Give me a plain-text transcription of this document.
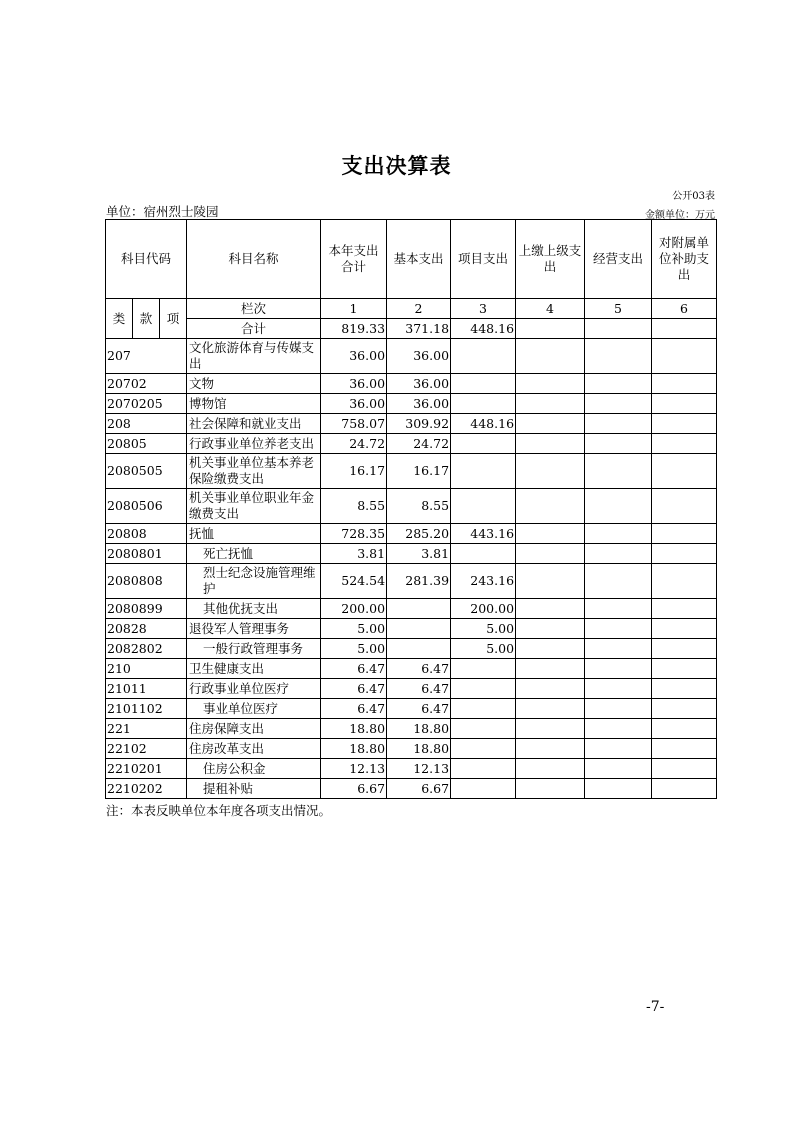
支出决算表
公开03表
单位：宿州烈士陵园	金额单位：万元
科目代码			科目名称	本年支出合计	基本支出	项目支出	上缴上级支出	经营支出	对附属单位补助支出
类	款	项	栏次	1	2	3	4	5	6
			合计	819.33	371.18	448.16			
207			文化旅游体育与传媒支出	36.00	36.00				
20702			文物	36.00	36.00				
2070205			博物馆	36.00	36.00				
208			社会保障和就业支出	758.07	309.92	448.16			
20805			行政事业单位养老支出	24.72	24.72				
2080505			机关事业单位基本养老保险缴费支出	16.17	16.17				
2080506			机关事业单位职业年金缴费支出	8.55	8.55				
20808			抚恤	728.35	285.20	443.16			
2080801			死亡抚恤	3.81	3.81				
2080808			烈士纪念设施管理维护	524.54	281.39	243.16			
2080899			其他优抚支出	200.00		200.00			
20828			退役军人管理事务	5.00		5.00			
2082802			一般行政管理事务	5.00		5.00			
210			卫生健康支出	6.47	6.47				
21011			行政事业单位医疗	6.47	6.47				
2101102			事业单位医疗	6.47	6.47				
221			住房保障支出	18.80	18.80				
22102			住房改革支出	18.80	18.80				
2210201			住房公积金	12.13	12.13				
2210202			提租补贴	6.67	6.67				
注：本表反映单位本年度各项支出情况。
-7-
